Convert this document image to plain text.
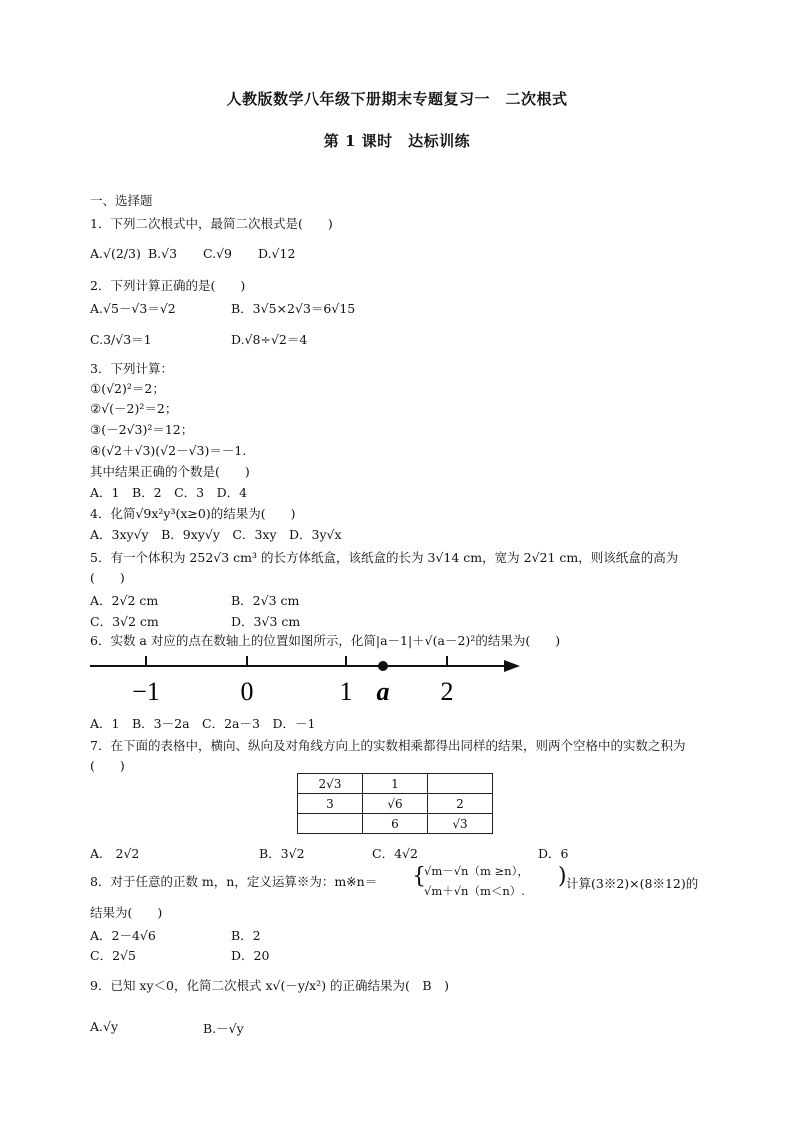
人教版数学八年级下册期末专题复习一　二次根式
第 1 课时　达标训练
一、选择题
1．下列二次根式中，最简二次根式是(　　)
A.√(2/3) B.√3 C.√9 D.√12
2．下列计算正确的是(　　)
A.√5－√3＝√2	B．3√5×2√3＝6√15
C.3/√3＝1	D.√8÷√2＝4
3．下列计算：
①(√2)²＝2；
②√(－2)²＝2；
③(－2√3)²＝12；
④(√2＋√3)(√2－√3)＝－1.
其中结果正确的个数是(　　)
A．1　B．2　C．3　D．4
4．化简√9x²y³(x≥0)的结果为(　　)
A．3xy√y　B．9xy√y　C．3xy　D．3y√x
5．有一个体积为 252√3 cm³ 的长方体纸盒，该纸盒的长为 3√14 cm，宽为 2√21 cm，则该纸盒的高为(　　)
A．2√2 cm	B．2√3 cm
C．3√2 cm	D．3√3 cm
6．实数 a 对应的点在数轴上的位置如图所示，化简|a－1|＋√(a－2)²的结果为(　　)
−1	0	1 a 2
A．1　B．3－2a　C．2a－3　D．－1
7．在下面的表格中，横向、纵向及对角线方向上的实数相乘都得出同样的结果，则两个空格中的实数之积为(　　)
2√3	1	
3	√6	2
	6	√3
A.　2√2	B．3√2	C．4√2	D．6
8．对于任意的正数 m，n，定义运算※为：m※n＝ {
√m－√n（m ≥n），
√m＋√n（m＜n）.
) 计算(3※2)×(8※12)的
结果为(　　)
A．2－4√6	B．2
C．2√5	D．20
9．已知 xy＜0，化简二次根式 x√(－y/x²) 的正确结果为(　B　)
A.√y	B.－√y
